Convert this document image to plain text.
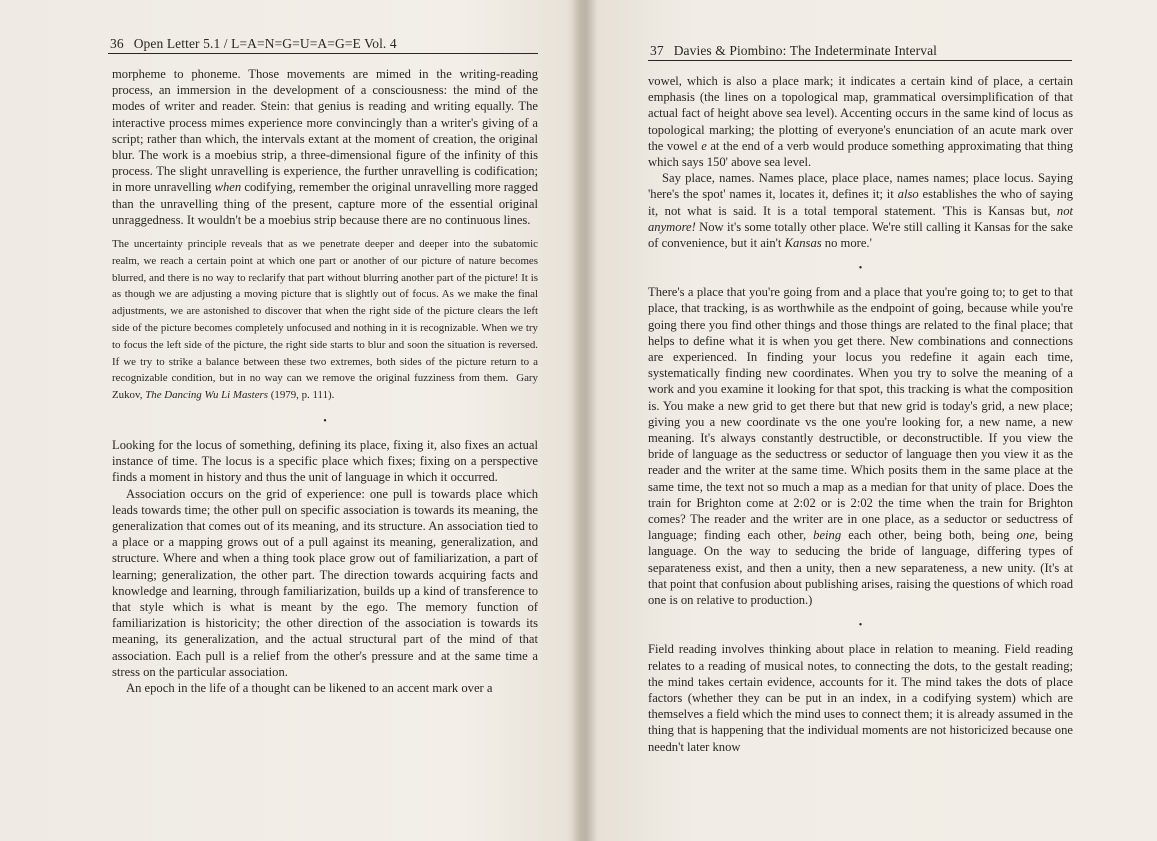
36 Open Letter 5.1 / L=A=N=G=U=A=G=E Vol. 4

morpheme to phoneme. Those movements are mimed in the writing-reading process, an immersion in the development of a consciousness: the mind of the modes of writer and reader. Stein: that genius is reading and writing equally. The interactive process mimes experience more convincingly than a writer's giving of a script; rather than which, the intervals extant at the moment of creation, the original blur. The work is a moebius strip, a three-dimensional figure of the infinity of this process. The slight unravelling is experience, the further unravelling is codification; in more unravelling when codifying, remember the original unravelling more ragged than the unravelling thing of the present, capture more of the essential original unraggedness. It wouldn't be a moebius strip because there are no continuous lines.

The uncertainty principle reveals that as we penetrate deeper and deeper into the subatomic realm, we reach a certain point at which one part or another of our picture of nature becomes blurred, and there is no way to reclarify that part without blurring another part of the picture! It is as though we are adjusting a moving picture that is slightly out of focus. As we make the final adjustments, we are astonished to discover that when the right side of the picture clears the left side of the picture becomes completely unfocused and nothing in it is recognizable. When we try to focus the left side of the picture, the right side starts to blur and soon the situation is reversed. If we try to strike a balance between these two extremes, both sides of the picture return to a recognizable condition, but in no way can we remove the original fuzziness from them. Gary Zukov, The Dancing Wu Li Masters (1979, p. 111).

•

Looking for the locus of something, defining its place, fixing it, also fixes an actual instance of time. The locus is a specific place which fixes; fixing on a perspective finds a moment in history and thus the unit of language in which it occurred.

Association occurs on the grid of experience: one pull is towards place which leads towards time; the other pull on specific association is towards its meaning, the generalization that comes out of its meaning, and its structure. An association tied to a place or a mapping grows out of a pull against its meaning, generalization, and structure. Where and when a thing took place grow out of familiarization, a part of learning; generalization, the other part. The direction towards acquiring facts and knowledge and learning, through familiarization, builds up a kind of transference to that style which is what is meant by the ego. The memory function of familiarization is historicity; the other direction of the association is towards its meaning, its generalization, and the actual structural part of the mind of that association. Each pull is a relief from the other's pressure and at the same time a stress on the particular association.

An epoch in the life of a thought can be likened to an accent mark over a

37 Davies & Piombino: The Indeterminate Interval

vowel, which is also a place mark; it indicates a certain kind of place, a certain emphasis (the lines on a topological map, grammatical oversimplification of that actual fact of height above sea level). Accenting occurs in the same kind of locus as topological marking; the plotting of everyone's enunciation of an acute mark over the vowel e at the end of a verb would produce something approximating that thing which says 150' above sea level.

Say place, names. Names place, place place, names names; place locus. Saying 'here's the spot' names it, locates it, defines it; it also establishes the who of saying it, not what is said. It is a total temporal statement. 'This is Kansas but, not anymore! Now it's some totally other place. We're still calling it Kansas for the sake of convenience, but it ain't Kansas no more.'

•

There's a place that you're going from and a place that you're going to; to get to that place, that tracking, is as worthwhile as the endpoint of going, because while you're going there you find other things and those things are related to the final place; that helps to define what it is when you get there. New combinations and connections are experienced. In finding your locus you redefine it again each time, systematically finding new coordinates. When you try to solve the meaning of a work and you examine it looking for that spot, this tracking is what the composition is. You make a new grid to get there but that new grid is today's grid, a new place; giving you a new coordinate vs the one you're looking for, a new name, a new meaning. It's always constantly destructible, or deconstructible. If you view the bride of language as the seductress or seductor of language then you view it as the reader and the writer at the same time. Which posits them in the same place at the same time, the text not so much a map as a median for that unity of place. Does the train for Brighton come at 2:02 or is 2:02 the time when the train for Brighton comes? The reader and the writer are in one place, as a seductor or seductress of language; finding each other, being each other, being both, being one, being language. On the way to seducing the bride of language, differing types of separateness exist, and then a unity, then a new separateness, a new unity. (It's at that point that confusion about publishing arises, raising the questions of which road one is on relative to production.)

•

Field reading involves thinking about place in relation to meaning. Field reading relates to a reading of musical notes, to connecting the dots, to the gestalt reading; the mind takes certain evidence, accounts for it. The mind takes the dots of place factors (whether they can be put in an index, in a codifying system) which are themselves a field which the mind uses to connect them; it is already assumed in the thing that is happening that the individual moments are not historicized because one needn't later know
